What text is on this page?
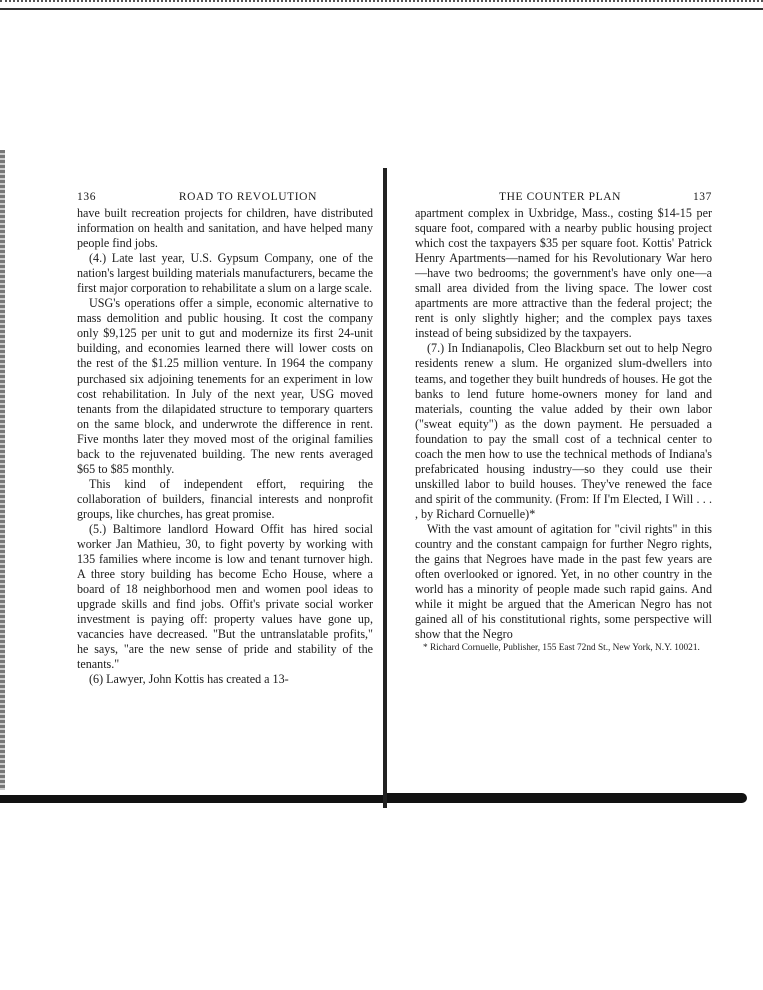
136	ROAD TO REVOLUTION

have built recreation projects for children, have distributed information on health and sanitation, and have helped many people find jobs.

(4.) Late last year, U.S. Gypsum Company, one of the nation's largest building materials manufacturers, became the first major corporation to rehabilitate a slum on a large scale.

USG's operations offer a simple, economic alternative to mass demolition and public housing. It cost the company only $9,125 per unit to gut and modernize its first 24-unit building, and economies learned there will lower costs on the rest of the $1.25 million venture. In 1964 the company purchased six adjoining tenements for an experiment in low cost rehabilitation. In July of the next year, USG moved tenants from the dilapidated structure to temporary quarters on the same block, and underwrote the difference in rent. Five months later they moved most of the original families back to the rejuvenated building. The new rents averaged $65 to $85 monthly.

This kind of independent effort, requiring the collaboration of builders, financial interests and nonprofit groups, like churches, has great promise.

(5.) Baltimore landlord Howard Offit has hired social worker Jan Mathieu, 30, to fight poverty by working with 135 families where income is low and tenant turnover high. A three story building has become Echo House, where a board of 18 neighborhood men and women pool ideas to upgrade skills and find jobs. Offit's private social worker investment is paying off: property values have gone up, vacancies have decreased. "But the untranslatable profits," he says, "are the new sense of pride and stability of the tenants."

(6) Lawyer, John Kottis has created a 13-

THE COUNTER PLAN	137

apartment complex in Uxbridge, Mass., costing $14-15 per square foot, compared with a nearby public housing project which cost the taxpayers $35 per square foot. Kottis' Patrick Henry Apartments—named for his Revolutionary War hero—have two bedrooms; the government's have only one—a small area divided from the living space. The lower cost apartments are more attractive than the federal project; the rent is only slightly higher; and the complex pays taxes instead of being subsidized by the taxpayers.

(7.) In Indianapolis, Cleo Blackburn set out to help Negro residents renew a slum. He organized slum-dwellers into teams, and together they built hundreds of houses. He got the banks to lend future home-owners money for land and materials, counting the value added by their own labor ("sweat equity") as the down payment. He persuaded a foundation to pay the small cost of a technical center to coach the men how to use the technical methods of Indiana's prefabricated housing industry—so they could use their unskilled labor to build houses. They've renewed the face and spirit of the community. (From: If I'm Elected, I Will . . . , by Richard Cornuelle)*

With the vast amount of agitation for "civil rights" in this country and the constant campaign for further Negro rights, the gains that Negroes have made in the past few years are often overlooked or ignored. Yet, in no other country in the world has a minority of people made such rapid gains. And while it might be argued that the American Negro has not gained all of his constitutional rights, some perspective will show that the Negro

* Richard Cornuelle, Publisher, 155 East 72nd St., New York, N.Y. 10021.
